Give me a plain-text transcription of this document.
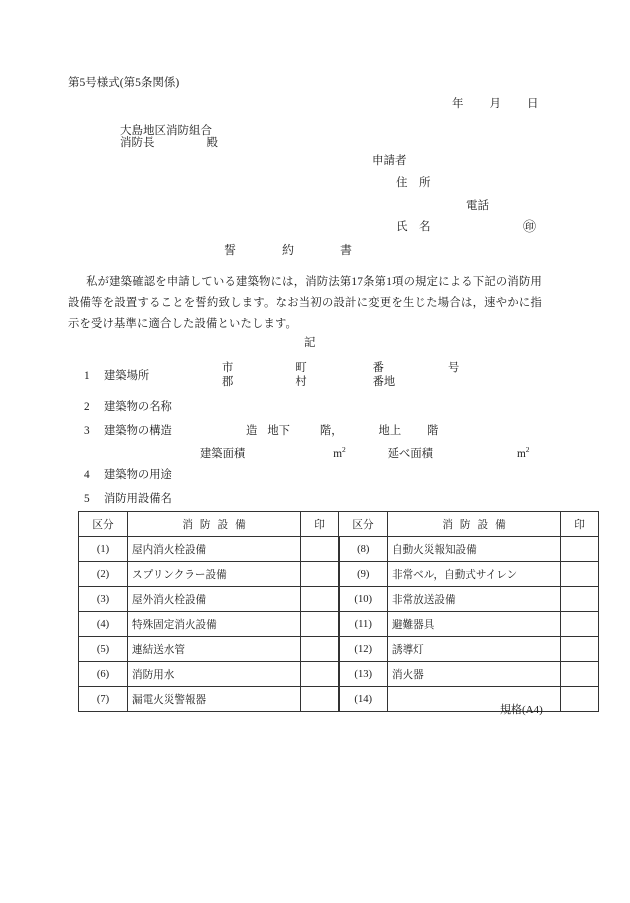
第5号様式(第5条関係)
年 月 日
大島地区消防組合
消防長	殿
申請者
住　所
電話
氏　名	㊞
誓	約	書
私が建築確認を申請している建築物には，消防法第17条第1項の規定による下記の消防用設備等を設置することを誓約致します。なお当初の設計に変更を生じた場合は，速やかに指示を受け基準に適合した設備といたします。
記
1 建築場所
市	町	番	号
郡	村	番地
2 建築物の名称
3 建築物の構造	造 地下	階，	地上 階
建築面積	$m^2$	延べ面積	$m^2$
4 建築物の用途
5 消防用設備名
区分	消防設備	印	区分	消防設備	印
(1)	屋内消火栓設備		(8)	自動火災報知設備	
(2)	スプリンクラー設備		(9)	非常ベル，自動式サイレン	
(3)	屋外消火栓設備		(10)	非常放送設備	
(4)	特殊固定消火設備		(11)	避難器具	
(5)	連結送水管		(12)	誘導灯	
(6)	消防用水		(13)	消火器	
(7)	漏電火災警報器		(14)		
規格(A4)
